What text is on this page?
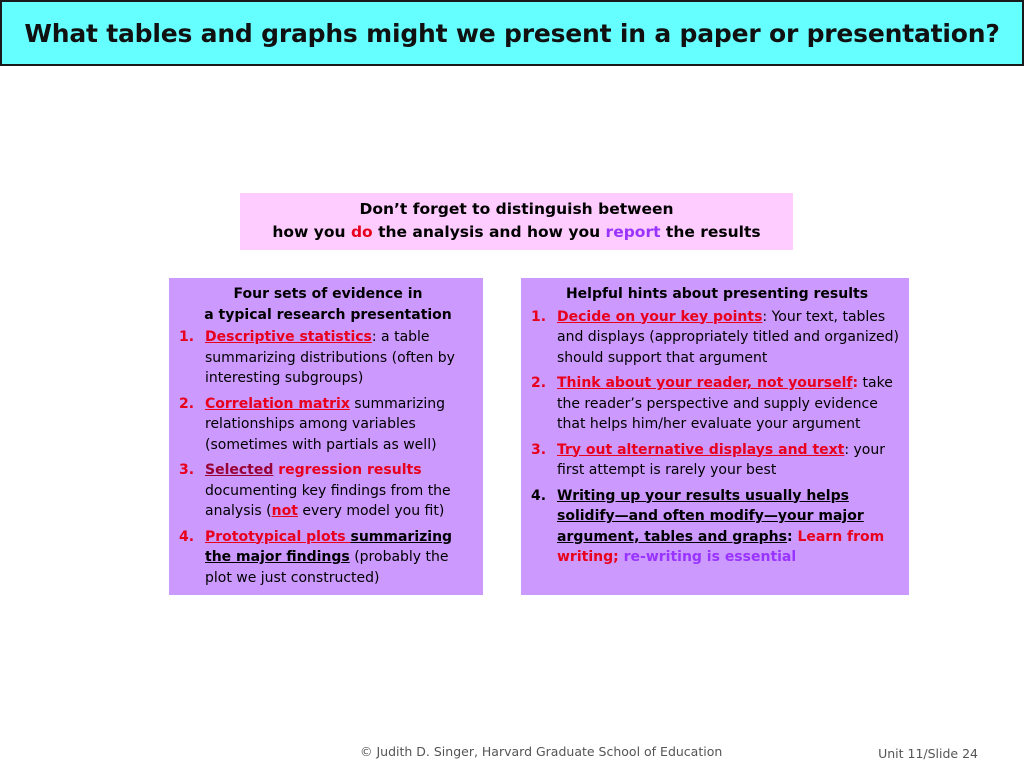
What tables and graphs might we present in a paper or presentation?
Don’t forget to distinguish between
how you do the analysis and how you report the results
Four sets of evidence in
a typical research presentation
1. Descriptive statistics: a table summarizing distributions (often by interesting subgroups)
2. Correlation matrix summarizing relationships among variables (sometimes with partials as well)
3. Selected regression results documenting key findings from the analysis (not every model you fit)
4. Prototypical plots summarizing the major findings (probably the plot we just constructed)
Helpful hints about presenting results
1. Decide on your key points: Your text, tables and displays (appropriately titled and organized) should support that argument
2. Think about your reader, not yourself: take the reader’s perspective and supply evidence that helps him/her evaluate your argument
3. Try out alternative displays and text: your first attempt is rarely your best
4. Writing up your results usually helps solidify—and often modify—your major argument, tables and graphs: Learn from writing; re-writing is essential
© Judith D. Singer, Harvard Graduate School of Education	Unit 11/Slide 24
